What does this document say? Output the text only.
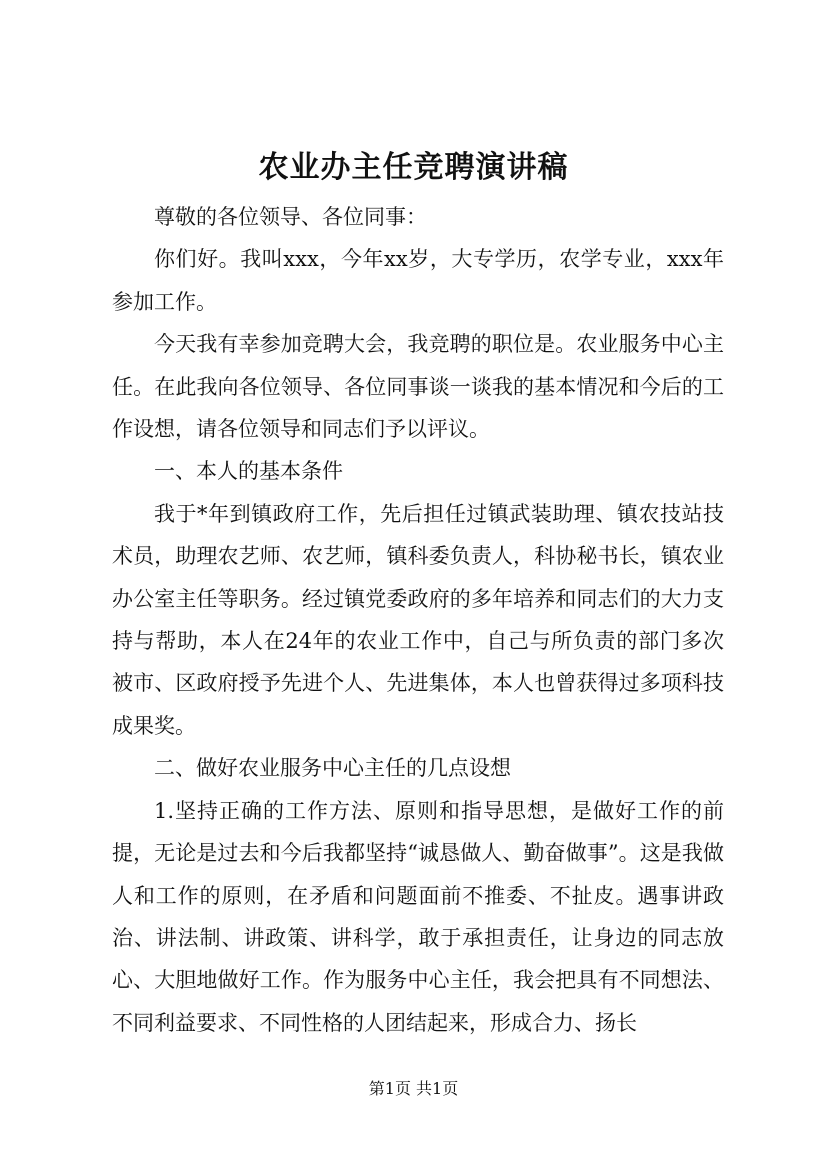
农业办主任竞聘演讲稿

尊敬的各位领导、各位同事：

你们好。我叫xxx，今年xx岁，大专学历，农学专业，xxx年参加工作。

今天我有幸参加竞聘大会，我竞聘的职位是。农业服务中心主任。在此我向各位领导、各位同事谈一谈我的基本情况和今后的工作设想，请各位领导和同志们予以评议。

一、本人的基本条件

我于*年到镇政府工作，先后担任过镇武装助理、镇农技站技术员，助理农艺师、农艺师，镇科委负责人，科协秘书长，镇农业办公室主任等职务。经过镇党委政府的多年培养和同志们的大力支持与帮助，本人在24年的农业工作中，自己与所负责的部门多次被市、区政府授予先进个人、先进集体，本人也曾获得过多项科技成果奖。

二、做好农业服务中心主任的几点设想

1.坚持正确的工作方法、原则和指导思想，是做好工作的前提，无论是过去和今后我都坚持“诚恳做人、勤奋做事”。这是我做人和工作的原则，在矛盾和问题面前不推委、不扯皮。遇事讲政治、讲法制、讲政策、讲科学，敢于承担责任，让身边的同志放心、大胆地做好工作。作为服务中心主任，我会把具有不同想法、不同利益要求、不同性格的人团结起来，形成合力、扬长

第1页 共1页
